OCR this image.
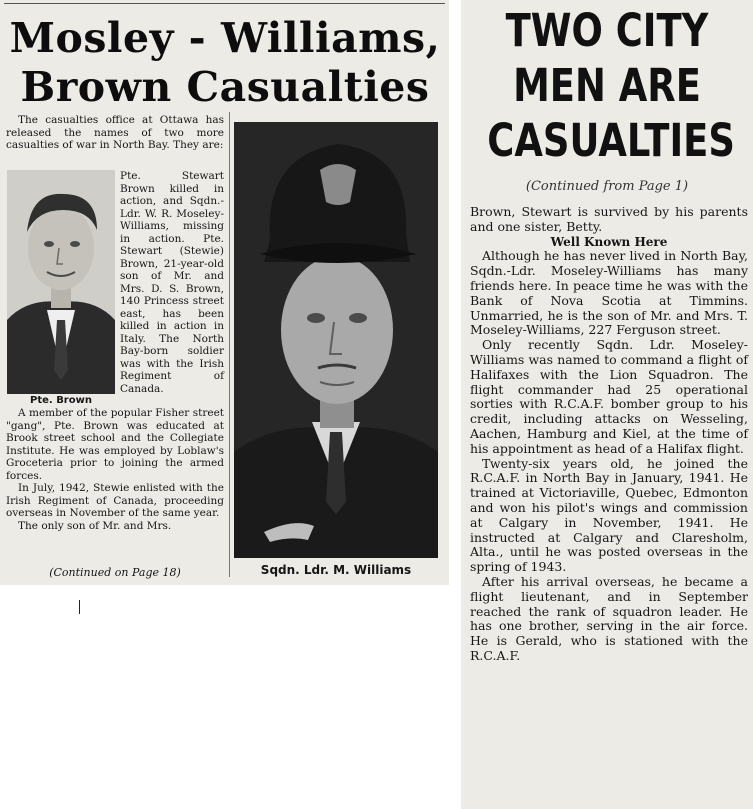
Mosley - Williams,
Brown Casualties

The casualties office at Ottawa has released the names of two more casualties of war in North Bay. They are:

Pte. Brown

Pte. Stewart Brown killed in action, and Sqdn.-Ldr. W. R. Moseley-Williams, missing in action. Pte. Stewart (Stewie) Brown, 21-year-old son of Mr. and Mrs. D. S. Brown, 140 Princess street east, has been killed in action in Italy. The North Bay-born soldier was with the Irish Regiment of Canada.

A member of the popular Fisher street "gang", Pte. Brown was educated at Brook street school and the Collegiate Institute. He was employed by Loblaw's Groceteria prior to joining the armed forces.

In July, 1942, Stewie enlisted with the Irish Regiment of Canada, proceeding overseas in November of the same year.

The only son of Mr. and Mrs.

(Continued on Page 18)	Sqdn. Ldr. M. Williams
TWO CITY
MEN ARE
CASUALTIES
(Continued from Page 1)

Brown, Stewart is survived by his parents and one sister, Betty.

Well Known Here

Although he has never lived in North Bay, Sqdn.-Ldr. Moseley-Williams has many friends here. In peace time he was with the Bank of Nova Scotia at Timmins. Unmarried, he is the son of Mr. and Mrs. T. Moseley-Williams, 227 Ferguson street.

Only recently Sqdn. Ldr. Moseley-Williams was named to command a flight of Halifaxes with the Lion Squadron. The flight commander had 25 operational sorties with R.C.A.F. bomber group to his credit, including attacks on Wesseling, Aachen, Hamburg and Kiel, at the time of his appointment as head of a Halifax flight.

Twenty-six years old, he joined the R.C.A.F. in North Bay in January, 1941. He trained at Victoriaville, Quebec, Edmonton and won his pilot's wings and commission at Calgary in November, 1941. He instructed at Calgary and Claresholm, Alta., until he was posted overseas in the spring of 1943.

After his arrival overseas, he became a flight lieutenant, and in September reached the rank of squadron leader. He has one brother, serving in the air force. He is Gerald, who is stationed with the R.C.A.F.
